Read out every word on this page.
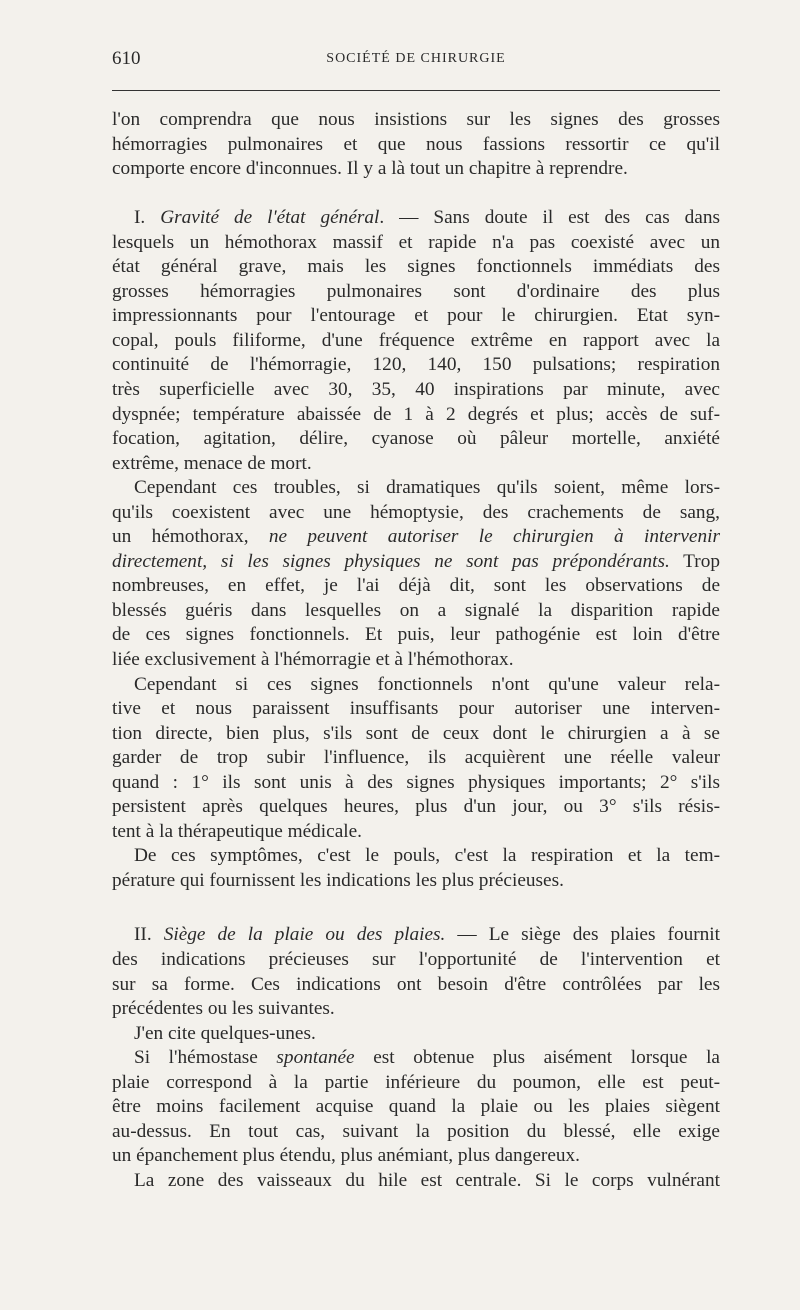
610	SOCIÉTÉ DE CHIRURGIE
l'on comprendra que nous insistions sur les signes des grosses
hémorragies pulmonaires et que nous fassions ressortir ce qu'il
comporte encore d'inconnues. Il y a là tout un chapitre à reprendre.
I. Gravité de l'état général. — Sans doute il est des cas dans
lesquels un hémothorax massif et rapide n'a pas coexisté avec un
état général grave, mais les signes fonctionnels immédiats des
grosses hémorragies pulmonaires sont d'ordinaire des plus
impressionnants pour l'entourage et pour le chirurgien. Etat syn-
copal, pouls filiforme, d'une fréquence extrême en rapport avec la
continuité de l'hémorragie, 120, 140, 150 pulsations; respiration
très superficielle avec 30, 35, 40 inspirations par minute, avec
dyspnée; température abaissée de 1 à 2 degrés et plus; accès de suf-
focation, agitation, délire, cyanose où pâleur mortelle, anxiété
extrême, menace de mort.
Cependant ces troubles, si dramatiques qu'ils soient, même lors-
qu'ils coexistent avec une hémoptysie, des crachements de sang,
un hémothorax, ne peuvent autoriser le chirurgien à intervenir
directement, si les signes physiques ne sont pas prépondérants. Trop
nombreuses, en effet, je l'ai déjà dit, sont les observations de
blessés guéris dans lesquelles on a signalé la disparition rapide
de ces signes fonctionnels. Et puis, leur pathogénie est loin d'être
liée exclusivement à l'hémorragie et à l'hémothorax.
Cependant si ces signes fonctionnels n'ont qu'une valeur rela-
tive et nous paraissent insuffisants pour autoriser une interven-
tion directe, bien plus, s'ils sont de ceux dont le chirurgien a à se
garder de trop subir l'influence, ils acquièrent une réelle valeur
quand : 1° ils sont unis à des signes physiques importants; 2° s'ils
persistent après quelques heures, plus d'un jour, ou 3° s'ils résis-
tent à la thérapeutique médicale.
De ces symptômes, c'est le pouls, c'est la respiration et la tem-
pérature qui fournissent les indications les plus précieuses.
II. Siège de la plaie ou des plaies. — Le siège des plaies fournit
des indications précieuses sur l'opportunité de l'intervention et
sur sa forme. Ces indications ont besoin d'être contrôlées par les
précédentes ou les suivantes.
J'en cite quelques-unes.
Si l'hémostase spontanée est obtenue plus aisément lorsque la
plaie correspond à la partie inférieure du poumon, elle est peut-
être moins facilement acquise quand la plaie ou les plaies siègent
au-dessus. En tout cas, suivant la position du blessé, elle exige
un épanchement plus étendu, plus anémiant, plus dangereux.
La zone des vaisseaux du hile est centrale. Si le corps vulnérant
